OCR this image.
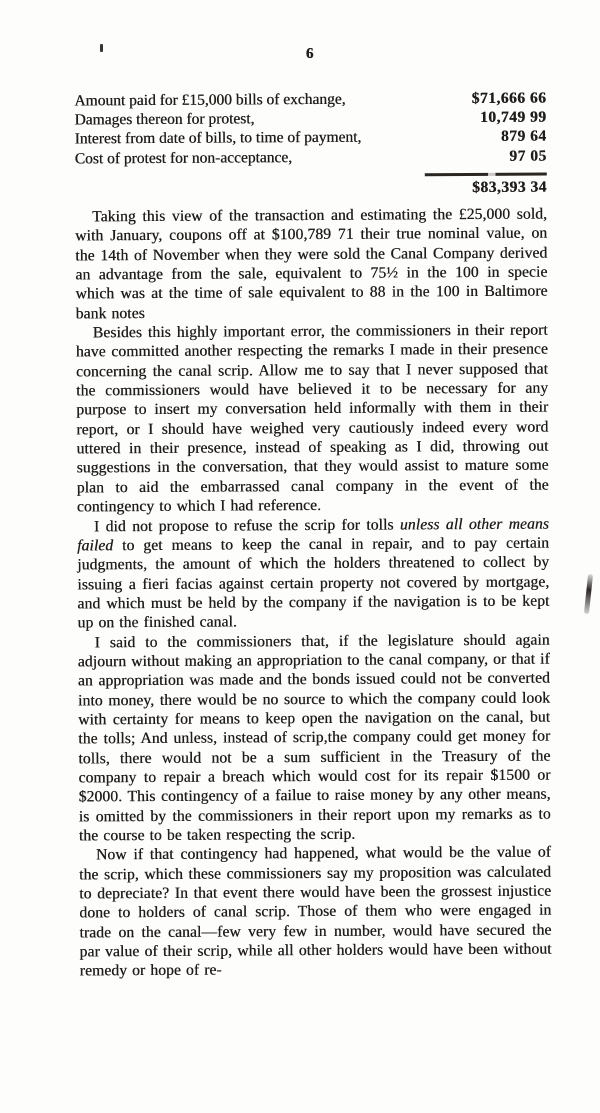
6
Amount paid for £15,000 bills of exchange,	$71,666 66
Damages thereon for protest,	10,749 99
Interest from date of bills, to time of payment,	879 64
Cost of protest for non-acceptance,	97 05
$83,393 34

Taking this view of the transaction and estimating the £25,000 sold, with January, coupons off at $100,789 71 their true nominal value, on the 14th of November when they were sold the Canal Company derived an advantage from the sale, equivalent to 75½ in the 100 in specie which was at the time of sale equivalent to 88 in the 100 in Baltimore bank notes

Besides this highly important error, the commissioners in their report have committed another respecting the remarks I made in their presence concerning the canal scrip. Allow me to say that I never supposed that the commissioners would have believed it to be necessary for any purpose to insert my conversation held informally with them in their report, or I should have weighed very cautiously indeed every word uttered in their presence, instead of speaking as I did, throwing out suggestions in the conversation, that they would assist to mature some plan to aid the embarrassed canal company in the event of the contingency to which I had reference.

I did not propose to refuse the scrip for tolls unless all other means failed to get means to keep the canal in repair, and to pay certain judgments, the amount of which the holders threatened to collect by issuing a fieri facias against certain property not covered by mortgage, and which must be held by the company if the navigation is to be kept up on the finished canal.

I said to the commissioners that, if the legislature should again adjourn without making an appropriation to the canal company, or that if an appropriation was made and the bonds issued could not be converted into money, there would be no source to which the company could look with certainty for means to keep open the navigation on the canal, but the tolls; And unless, instead of scrip,the company could get money for tolls, there would not be a sum sufficient in the Treasury of the company to repair a breach which would cost for its repair $1500 or $2000. This contingency of a failue to raise money by any other means, is omitted by the commissioners in their report upon my remarks as to the course to be taken respecting the scrip.

Now if that contingency had happened, what would be the value of the scrip, which these commissioners say my proposition was calculated to depreciate? In that event there would have been the grossest injustice done to holders of canal scrip. Those of them who were engaged in trade on the canal—few very few in number, would have secured the par value of their scrip, while all other holders would have been without remedy or hope of re-
